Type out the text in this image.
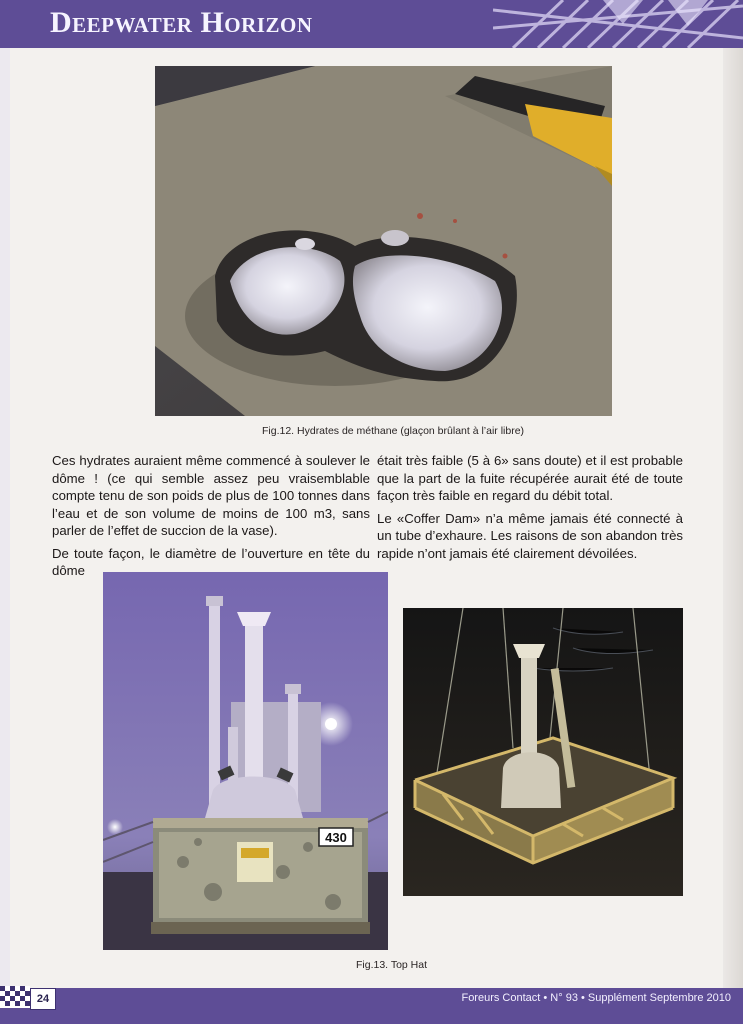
Deepwater Horizon
Fig.12. Hydrates de méthane (glaçon brûlant à l’air libre)

Ces hydrates auraient même commencé à soulever le dôme ! (ce qui semble assez peu vraisemblable compte tenu de son poids de plus de 100 tonnes dans l’eau et de son volume de moins de 100 m3, sans parler de l’effet de succion de la vase).

De toute façon, le diamètre de l’ouverture en tête du dôme

était très faible (5 à 6» sans doute) et il est probable que la part de la fuite récupérée aurait été de toute façon très faible en regard du débit total.

Le «Coffer Dam» n’a même jamais été connecté à un tube d’exhaure. Les raisons de son abandon très rapide n’ont jamais été clairement dévoilées.

430
Fig.13. Top Hat
24	Foreurs Contact • N° 93 • Supplément Septembre 2010
